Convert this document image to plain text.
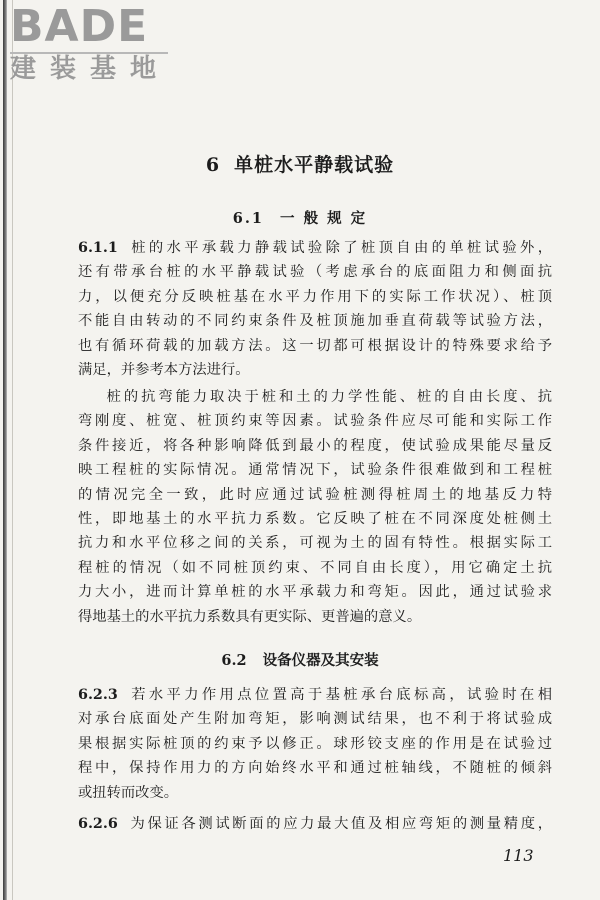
BADE
建装基地
6 单桩水平静载试验
6.1 一 般 规 定
6.1.1 桩的水平承载力静载试验除了桩顶自由的单桩试验外，
还有带承台桩的水平静载试验（考虑承台的底面阻力和侧面抗
力，以便充分反映桩基在水平力作用下的实际工作状况）、桩顶
不能自由转动的不同约束条件及桩顶施加垂直荷载等试验方法，
也有循环荷载的加载方法。这一切都可根据设计的特殊要求给予
满足，并参考本方法进行。
桩的抗弯能力取决于桩和土的力学性能、桩的自由长度、抗
弯刚度、桩宽、桩顶约束等因素。试验条件应尽可能和实际工作
条件接近，将各种影响降低到最小的程度，使试验成果能尽量反
映工程桩的实际情况。通常情况下，试验条件很难做到和工程桩
的情况完全一致，此时应通过试验桩测得桩周土的地基反力特
性，即地基土的水平抗力系数。它反映了桩在不同深度处桩侧土
抗力和水平位移之间的关系，可视为土的固有特性。根据实际工
程桩的情况（如不同桩顶约束、不同自由长度），用它确定土抗
力大小，进而计算单桩的水平承载力和弯矩。因此，通过试验求
得地基土的水平抗力系数具有更实际、更普遍的意义。
6.2 设备仪器及其安装
6.2.3 若水平力作用点位置高于基桩承台底标高，试验时在相
对承台底面处产生附加弯矩，影响测试结果，也不利于将试验成
果根据实际桩顶的约束予以修正。球形铰支座的作用是在试验过
程中，保持作用力的方向始终水平和通过桩轴线，不随桩的倾斜
或扭转而改变。
6.2.6 为保证各测试断面的应力最大值及相应弯矩的测量精度，
113
